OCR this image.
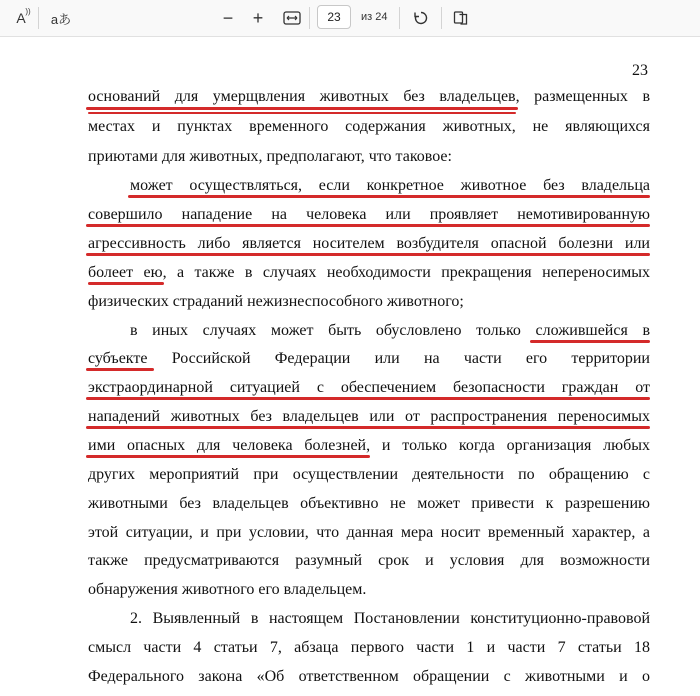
A )) aあ	− +
23	из 24
23
оснований для умерщвления животных без владельцев, размещенных в
местах и пунктах временного содержания животных, не являющихся
приютами для животных, предполагают, что таковое:
может осуществляться, если конкретное животное без владельца
совершило нападение на человека или проявляет немотивированную
агрессивность либо является носителем возбудителя опасной болезни или
болеет ею, а также в случаях необходимости прекращения непереносимых
физических страданий нежизнеспособного животного;
в иных случаях может быть обусловлено только сложившейся в
субъекте Российской Федерации или на части его территории
экстраординарной ситуацией с обеспечением безопасности граждан от
нападений животных без владельцев или от распространения переносимых
ими опасных для человека болезней, и только когда организация любых
других мероприятий при осуществлении деятельности по обращению с
животными без владельцев объективно не может привести к разрешению
этой ситуации, и при условии, что данная мера носит временный характер, а
также предусматриваются разумный срок и условия для возможности
обнаружения животного его владельцем.
2. Выявленный в настоящем Постановлении конституционно-правовой
смысл части 4 статьи 7, абзаца первого части 1 и части 7 статьи 18
Федерального закона «Об ответственном обращении с животными и о
